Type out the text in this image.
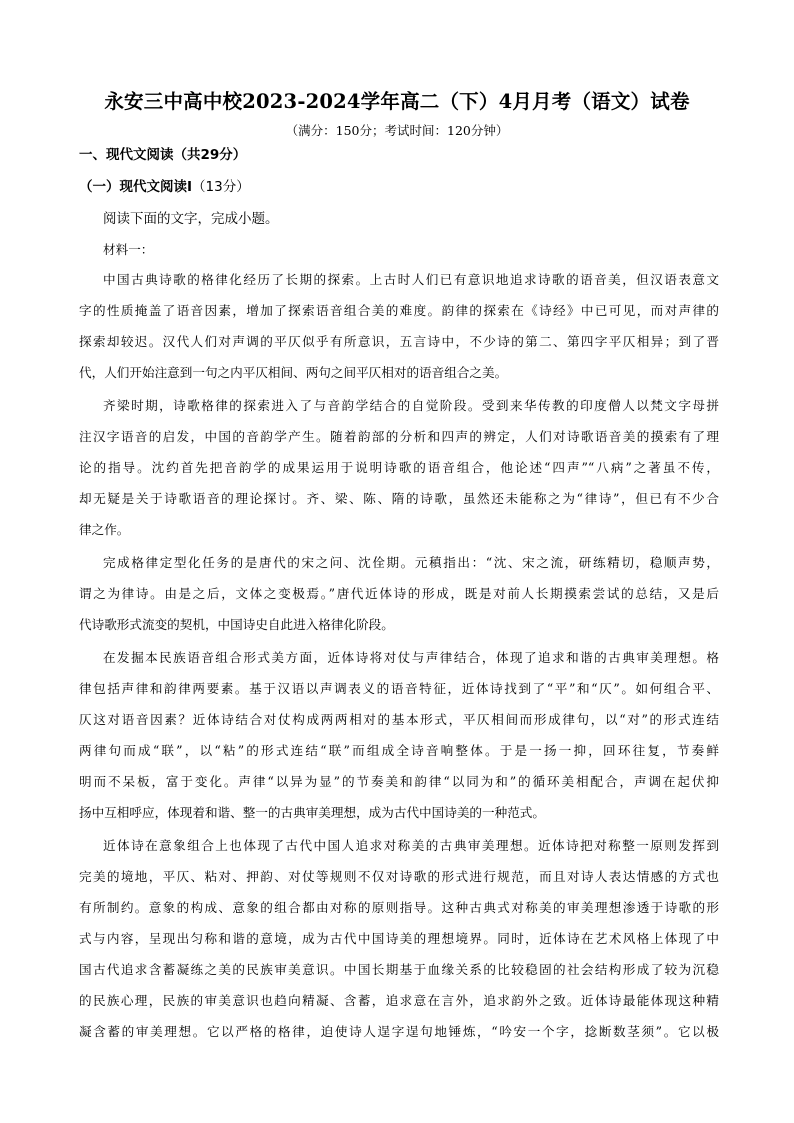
永安三中高中校2023-2024学年高二（下）4月月考（语文）试卷
（满分：150分；考试时间：120分钟）
一、现代文阅读（共29分）
（一）现代文阅读Ⅰ（13分）
阅读下面的文字，完成小题。
材料一：
中国古典诗歌的格律化经历了长期的探索。上古时人们已有意识地追求诗歌的语音美，但汉语表意文
字的性质掩盖了语音因素，增加了探索语音组合美的难度。韵律的探索在《诗经》中已可见，而对声律的
探索却较迟。汉代人们对声调的平仄似乎有所意识，五言诗中，不少诗的第二、第四字平仄相异；到了晋
代，人们开始注意到一句之内平仄相间、两句之间平仄相对的语音组合之美。
齐梁时期，诗歌格律的探索进入了与音韵学结合的自觉阶段。受到来华传教的印度僧人以梵文字母拼
注汉字语音的启发，中国的音韵学产生。随着韵部的分析和四声的辨定，人们对诗歌语音美的摸索有了理
论的指导。沈约首先把音韵学的成果运用于说明诗歌的语音组合，他论述“四声”“八病”之著虽不传，
却无疑是关于诗歌语音的理论探讨。齐、梁、陈、隋的诗歌，虽然还未能称之为“律诗”，但已有不少合
律之作。
完成格律定型化任务的是唐代的宋之问、沈佺期。元稹指出：“沈、宋之流，研练精切，稳顺声势，
谓之为律诗。由是之后，文体之变极焉。”唐代近体诗的形成，既是对前人长期摸索尝试的总结，又是后
代诗歌形式流变的契机，中国诗史自此进入格律化阶段。
在发掘本民族语音组合形式美方面，近体诗将对仗与声律结合，体现了追求和谐的古典审美理想。格
律包括声律和韵律两要素。基于汉语以声调表义的语音特征，近体诗找到了“平”和“仄”。如何组合平、
仄这对语音因素？近体诗结合对仗构成两两相对的基本形式，平仄相间而形成律句，以“对”的形式连结
两律句而成“联”，以“粘”的形式连结“联”而组成全诗音响整体。于是一扬一抑，回环往复，节奏鲜
明而不呆板，富于变化。声律“以异为显”的节奏美和韵律“以同为和”的循环美相配合，声调在起伏抑
扬中互相呼应，体现着和谐、整一的古典审美理想，成为古代中国诗美的一种范式。
近体诗在意象组合上也体现了古代中国人追求对称美的古典审美理想。近体诗把对称整一原则发挥到
完美的境地，平仄、粘对、押韵、对仗等规则不仅对诗歌的形式进行规范，而且对诗人表达情感的方式也
有所制约。意象的构成、意象的组合都由对称的原则指导。这种古典式对称美的审美理想渗透于诗歌的形
式与内容，呈现出匀称和谐的意境，成为古代中国诗美的理想境界。同时，近体诗在艺术风格上体现了中
国古代追求含蓄凝练之美的民族审美意识。中国长期基于血缘关系的比较稳固的社会结构形成了较为沉稳
的民族心理，民族的审美意识也趋向精凝、含蓄，追求意在言外，追求韵外之致。近体诗最能体现这种精
凝含蓄的审美理想。它以严格的格律，迫使诗人逞字逞句地锤炼，“吟安一个字，捻断数茎须”。它以极
